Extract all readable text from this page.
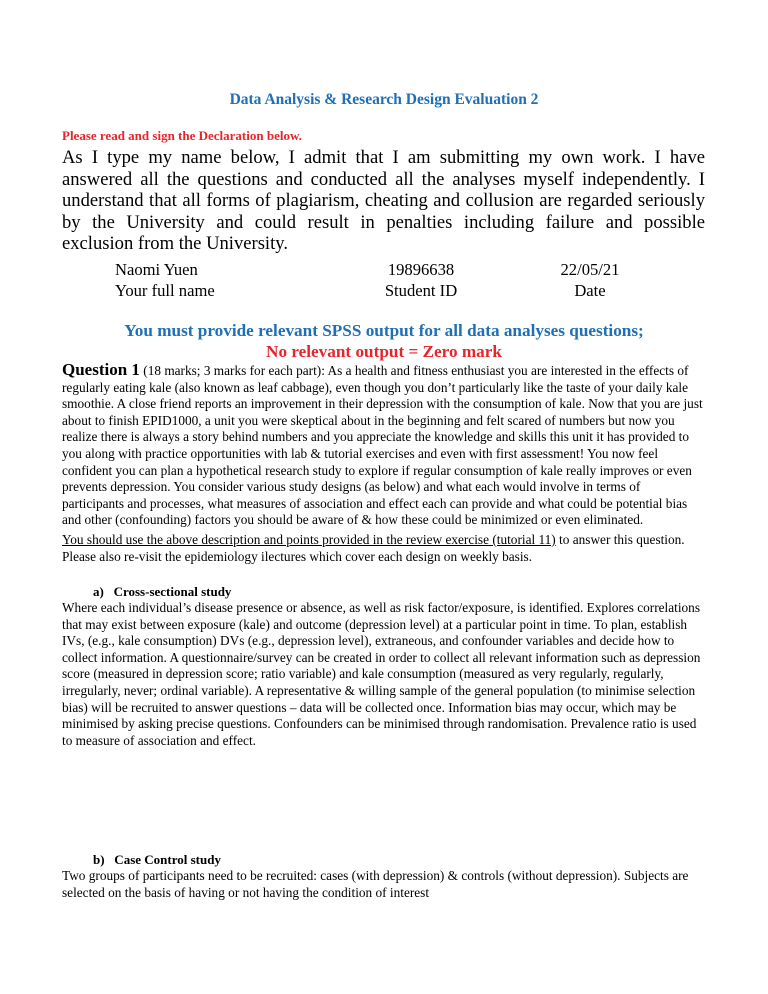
Data Analysis & Research Design Evaluation 2
Please read and sign the Declaration below.
As I type my name below, I admit that I am submitting my own work. I have answered all the questions and conducted all the analyses myself independently. I understand that all forms of plagiarism, cheating and collusion are regarded seriously by the University and could result in penalties including failure and possible exclusion from the University.
Naomi Yuen
Your full name
19896638
Student ID
22/05/21
Date
You must provide relevant SPSS output for all data analyses questions;
No relevant output = Zero mark
Question 1 (18 marks; 3 marks for each part): As a health and fitness enthusiast you are interested in the effects of regularly eating kale (also known as leaf cabbage), even though you don’t particularly like the taste of your daily kale smoothie. A close friend reports an improvement in their depression with the consumption of kale. Now that you are just about to finish EPID1000, a unit you were skeptical about in the beginning and felt scared of numbers but now you realize there is always a story behind numbers and you appreciate the knowledge and skills this unit it has provided to you along with practice opportunities with lab & tutorial exercises and even with first assessment! You now feel confident you can plan a hypothetical research study to explore if regular consumption of kale really improves or even prevents depression. You consider various study designs (as below) and what each would involve in terms of participants and processes, what measures of association and effect each can provide and what could be potential bias and other (confounding) factors you should be aware of & how these could be minimized or even eliminated.
You should use the above description and points provided in the review exercise (tutorial 11) to answer this question. Please also re-visit the epidemiology ilectures which cover each design on weekly basis.
a)   Cross-sectional study
Where each individual’s disease presence or absence, as well as risk factor/exposure, is identified. Explores correlations that may exist between exposure (kale) and outcome (depression level) at a particular point in time. To plan, establish IVs, (e.g., kale consumption) DVs (e.g., depression level), extraneous, and confounder variables and decide how to collect information. A questionnaire/survey can be created in order to collect all relevant information such as depression score (measured in depression score; ratio variable) and kale consumption (measured as very regularly, regularly, irregularly, never; ordinal variable). A representative & willing sample of the general population (to minimise selection bias) will be recruited to answer questions – data will be collected once. Information bias may occur, which may be minimised by asking precise questions. Confounders can be minimised through randomisation. Prevalence ratio is used to measure of association and effect.
b)   Case Control study
Two groups of participants need to be recruited: cases (with depression) & controls (without depression). Subjects are selected on the basis of having or not having the condition of interest
